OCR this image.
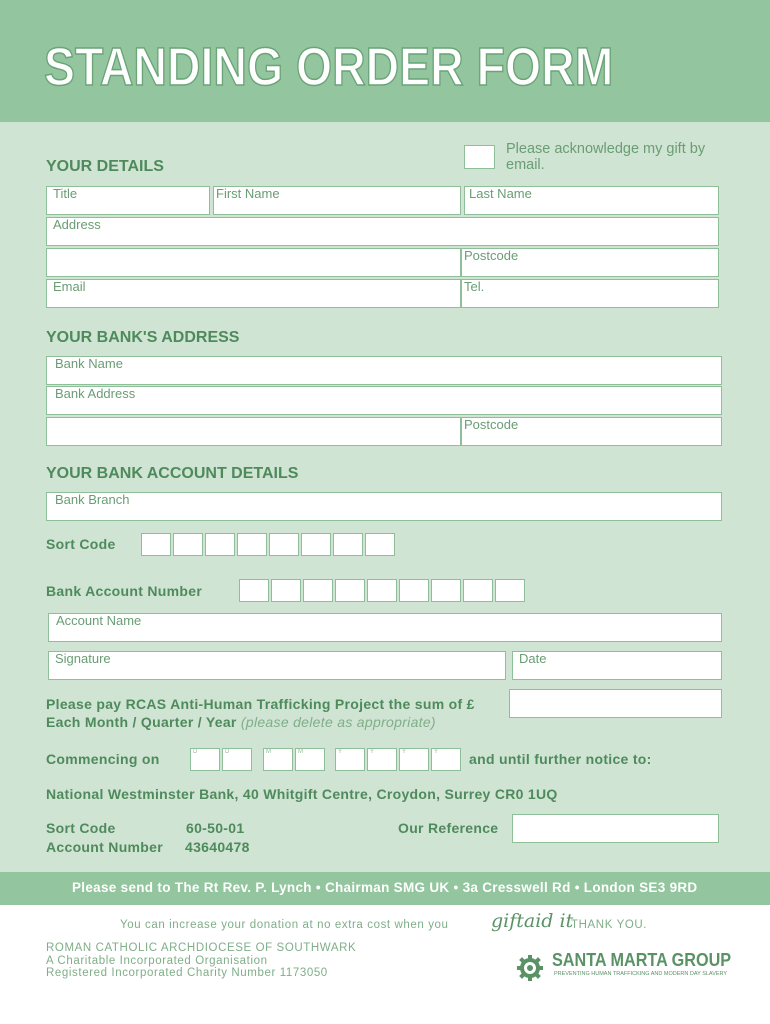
STANDING ORDER FORM
Please acknowledge my gift by email.
YOUR DETAILS
Title	First Name	Last Name
Address
Postcode
Email	Tel.
YOUR BANK'S ADDRESS
Bank Name
Bank Address
Postcode
YOUR BANK ACCOUNT DETAILS
Bank Branch
Sort Code
Bank Account Number
Account Name
Signature	Date
Please pay RCAS Anti-Human Trafficking Project the sum of £
Each Month / Quarter / Year (please delete as appropriate)
Commencing on	and until further notice to:
National Westminster Bank, 40 Whitgift Centre, Croydon, Surrey CR0 1UQ
Sort Code	60-50-01
Account Number 43640478
Our Reference
Please send to The Rt Rev. P. Lynch • Chairman SMG UK • 3a Cresswell Rd • London SE3 9RD
You can increase your donation at no extra cost when you giftaid it
THANK YOU.
ROMAN CATHOLIC ARCHDIOCESE OF SOUTHWARK
A Charitable Incorporated Organisation
Registered Incorporated Charity Number 1173050
SANTA MARTA GROUP
PREVENTING HUMAN TRAFFICKING AND MODERN DAY SLAVERY
D	D	M	M	Y	Y	Y	Y
